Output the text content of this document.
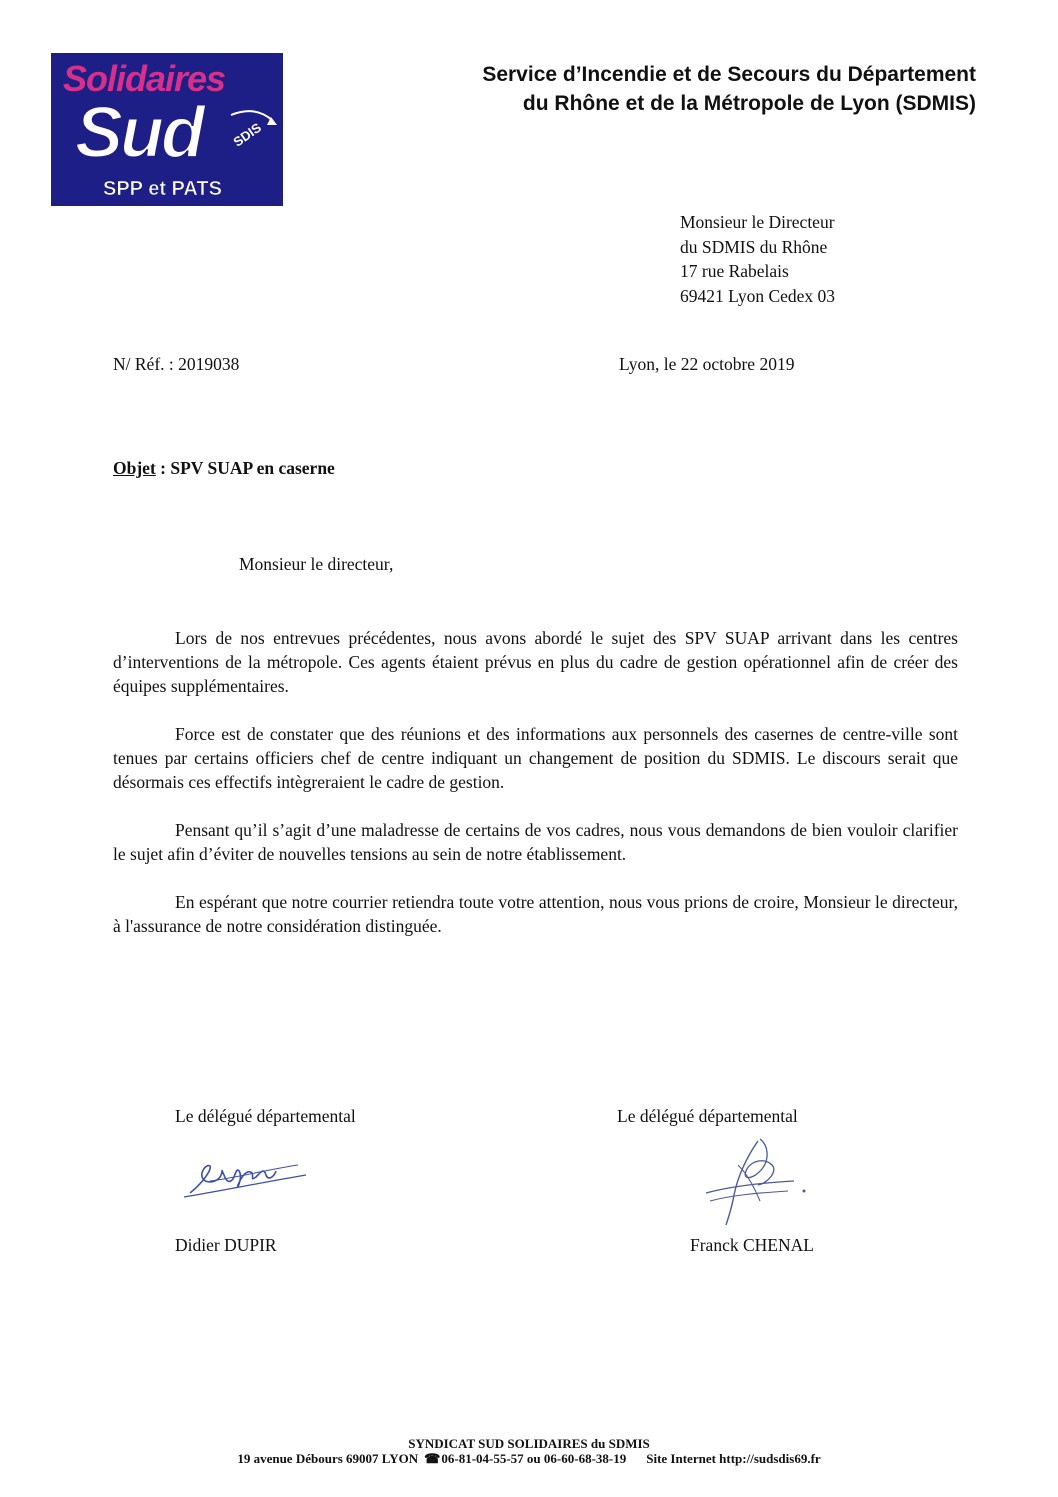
Solidaires
Sud	SDIS
SPP et PATS
Service d’Incendie et de Secours du Département
du Rhône et de la Métropole de Lyon (SDMIS)
Monsieur le Directeur
du SDMIS du Rhône
17 rue Rabelais
69421 Lyon Cedex 03
N/ Réf. : 2019038	Lyon, le 22 octobre 2019
Objet : SPV SUAP en caserne
Monsieur le directeur,
Lors de nos entrevues précédentes, nous avons abordé le sujet des SPV SUAP arrivant dans les centres d’interventions de la métropole. Ces agents étaient prévus en plus du cadre de gestion opérationnel afin de créer des équipes supplémentaires.
Force est de constater que des réunions et des informations aux personnels des casernes de centre-ville sont tenues par certains officiers chef de centre indiquant un changement de position du SDMIS. Le discours serait que désormais ces effectifs intègreraient le cadre de gestion.
Pensant qu’il s’agit d’une maladresse de certains de vos cadres, nous vous demandons de bien vouloir clarifier le sujet afin d’éviter de nouvelles tensions au sein de notre établissement.
En espérant que notre courrier retiendra toute votre attention, nous vous prions de croire, Monsieur le directeur, à l'assurance de notre considération distinguée.
Le délégué départemental	Le délégué départemental
Didier DUPIR	Franck CHENAL
SYNDICAT SUD SOLIDAIRES du SDMIS
19 avenue Débours 69007 LYON ☎06-81-04-55-57 ou 06-60-68-38-19 Site Internet http://sudsdis69.fr
